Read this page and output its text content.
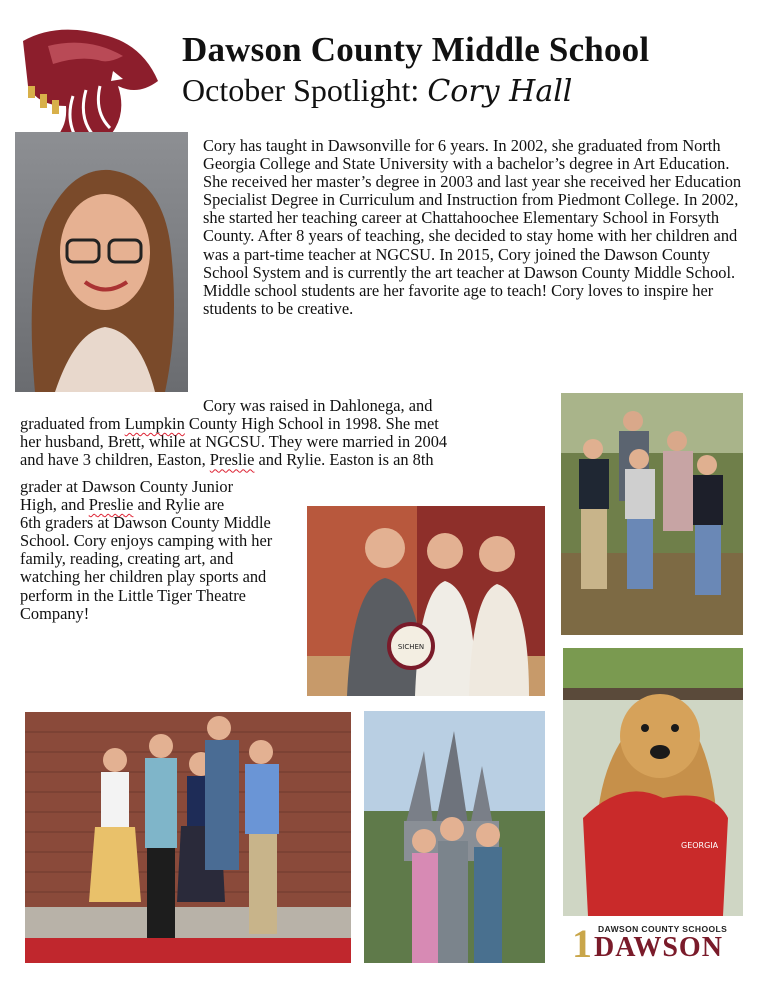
Dawson County Middle School
October Spotlight: Cory Hall
Cory has taught in Dawsonville for 6 years. In 2002, she graduated from North Georgia College and State University with a bachelor’s degree in Art Education. She received her master’s degree in 2003 and last year she received her Education Specialist Degree in Curriculum and Instruction from Piedmont College. In 2002, she started her teaching career at Chattahoochee Elementary School in Forsyth County. After 8 years of teaching, she decided to stay home with her children and was a part-time teacher at NGCSU. In 2015, Cory joined the Dawson County School System and is currently the art teacher at Dawson County Middle School. Middle school students are her favorite age to teach! Cory loves to inspire her students to be creative.
Cory was raised in Dahlonega, and
graduated from Lumpkin County High School in 1998. She met
her husband, Brett, while at NGCSU. They were married in 2004
and have 3 children, Easton, Preslie and Rylie. Easton is an 8th
grader at Dawson County Junior
High, and Preslie and Rylie are
6th graders at Dawson County Middle School. Cory enjoys camping with her family, reading, creating art, and watching her children play sports and perform in the Little Tiger Theatre Company!
SICHEN
GEORGIA
1 DAWSON COUNTY SCHOOLS
DAWSON
